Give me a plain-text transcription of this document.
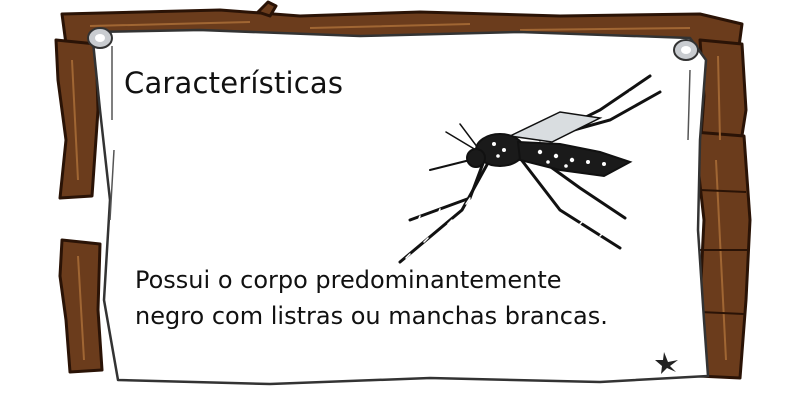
Características
Possui o corpo predominantemente
negro com listras ou manchas brancas.
